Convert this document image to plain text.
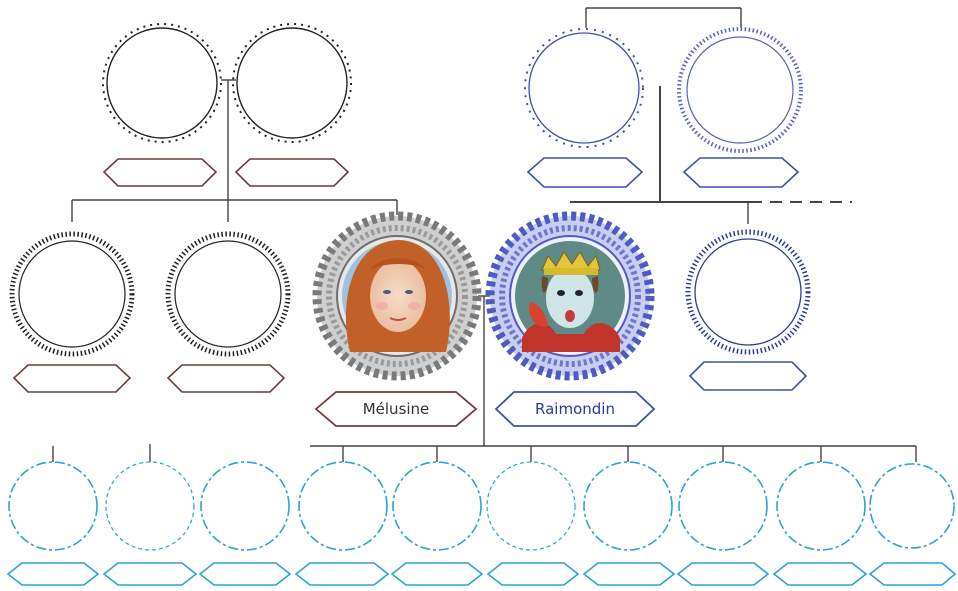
Mélusine	Raimondin
